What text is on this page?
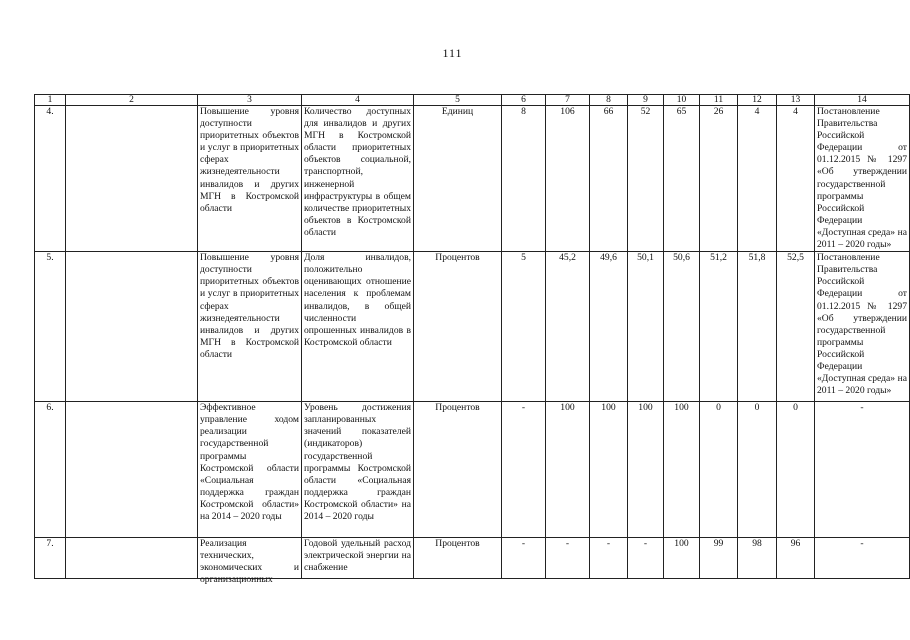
111
1	2	3	4	5	6	7	8	9	10	11	12	13	14
4.		Повышение уровня доступности приоритетных объектов и услуг в приоритетных сферах жизнедеятельности инвалидов и других МГН в Костромской области	Количество доступных для инвалидов и других МГН в Костромской области приоритетных объектов социальной, транспортной, инженерной инфраструктуры в общем количестве приоритетных объектов в Костромской области	Единиц	8	106	66	52	65	26	4	4	Постановление Правительства Российской Федерации от 01.12.2015 № 1297 «Об утверждении государственной программы Российской Федерации «Доступная среда» на 2011 – 2020 годы»
5.		Повышение уровня доступности приоритетных объектов и услуг в приоритетных сферах жизнедеятельности инвалидов и других МГН в Костромской области	Доля инвалидов, положительно оценивающих отношение населения к проблемам инвалидов, в общей численности опрошенных инвалидов в Костромской области	Процентов	5	45,2	49,6	50,1	50,6	51,2	51,8	52,5	Постановление Правительства Российской Федерации от 01.12.2015 № 1297 «Об утверждении государственной программы Российской Федерации «Доступная среда» на 2011 – 2020 годы»
6.		Эффективное управление ходом реализации государственной программы Костромской области «Социальная поддержка граждан Костромской области» на 2014 – 2020 годы	Уровень достижения запланированных значений показателей (индикаторов) государственной программы Костромской области «Социальная поддержка граждан Костромской области» на 2014 – 2020 годы	Процентов	-	100	100	100	100	0	0	0	-
7.		Реализация технических, экономических и организационных	Годовой удельный расход электрической энергии на снабжение	Процентов	-	-	-	-	100	99	98	96	-
